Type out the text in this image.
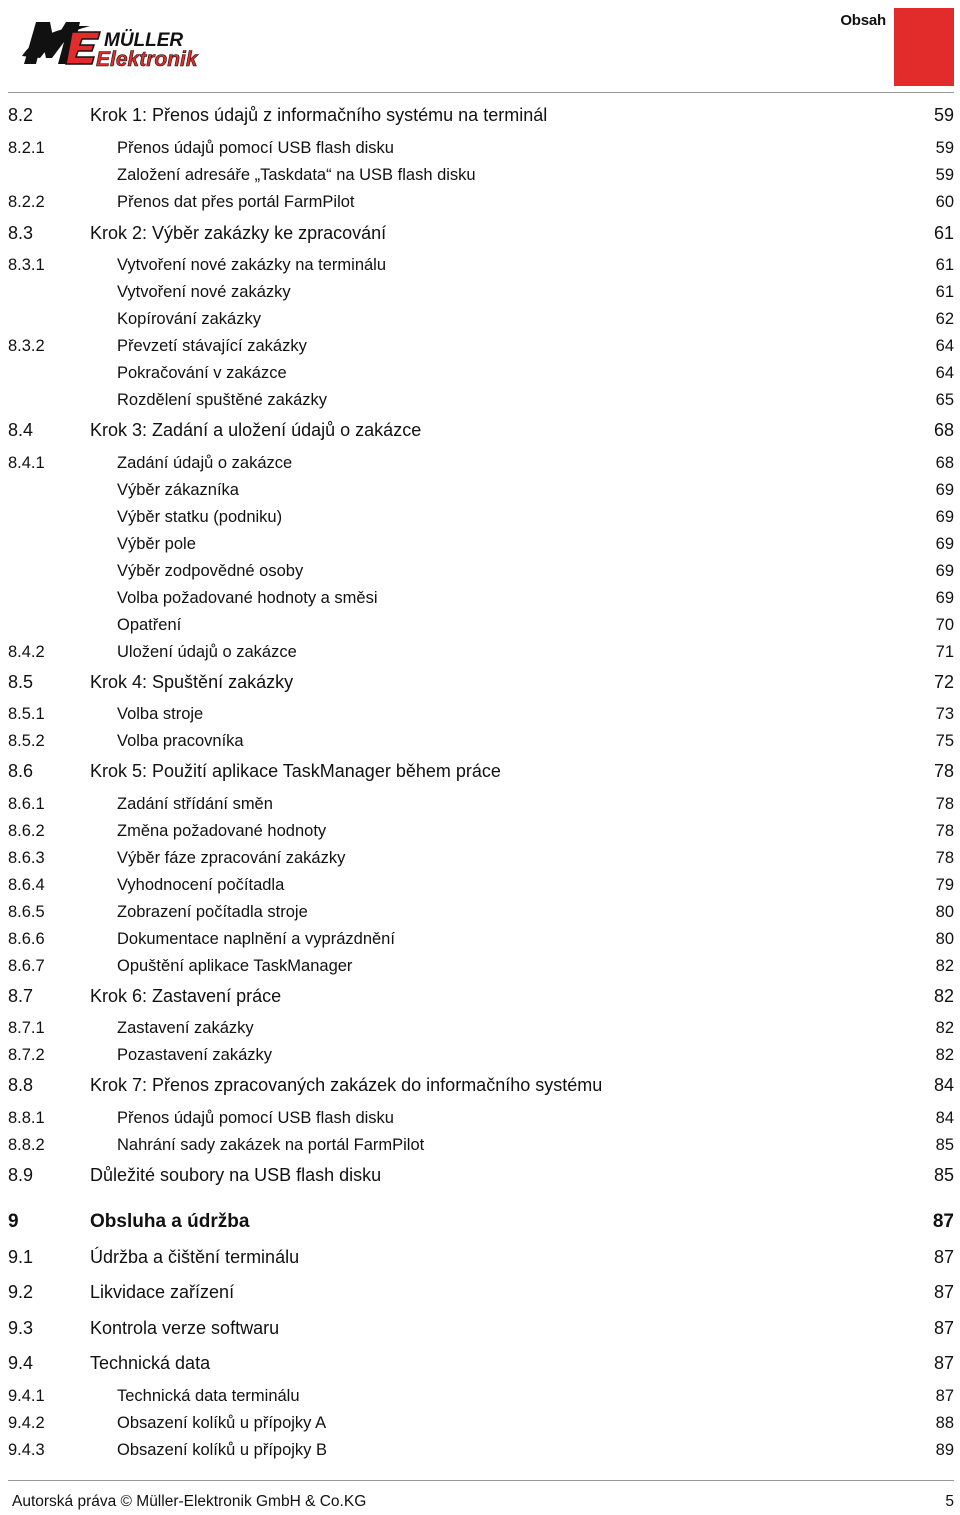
MÜLLER
Elektronik
Obsah
8.2	Krok 1: Přenos údajů z informačního systému na terminál	59
8.2.1	Přenos údajů pomocí USB flash disku	59
Založení adresáře „Taskdata“ na USB flash disku	59
8.2.2	Přenos dat přes portál FarmPilot	60
8.3	Krok 2: Výběr zakázky ke zpracování	61
8.3.1	Vytvoření nové zakázky na terminálu	61
Vytvoření nové zakázky	61
Kopírování zakázky	62
8.3.2	Převzetí stávající zakázky	64
Pokračování v zakázce	64
Rozdělení spuštěné zakázky	65
8.4	Krok 3: Zadání a uložení údajů o zakázce	68
8.4.1	Zadání údajů o zakázce	68
Výběr zákazníka	69
Výběr statku (podniku)	69
Výběr pole	69
Výběr zodpovědné osoby	69
Volba požadované hodnoty a směsi	69
Opatření	70
8.4.2	Uložení údajů o zakázce	71
8.5	Krok 4: Spuštění zakázky	72
8.5.1	Volba stroje	73
8.5.2	Volba pracovníka	75
8.6	Krok 5: Použití aplikace TaskManager během práce	78
8.6.1	Zadání střídání směn	78
8.6.2	Změna požadované hodnoty	78
8.6.3	Výběr fáze zpracování zakázky	78
8.6.4	Vyhodnocení počítadla	79
8.6.5	Zobrazení počítadla stroje	80
8.6.6	Dokumentace naplnění a vyprázdnění	80
8.6.7	Opuštění aplikace TaskManager	82
8.7	Krok 6: Zastavení práce	82
8.7.1	Zastavení zakázky	82
8.7.2	Pozastavení zakázky	82
8.8	Krok 7: Přenos zpracovaných zakázek do informačního systému	84
8.8.1	Přenos údajů pomocí USB flash disku	84
8.8.2	Nahrání sady zakázek na portál FarmPilot	85
8.9	Důležité soubory na USB flash disku	85
9	Obsluha a údržba	87
9.1	Údržba a čištění terminálu	87
9.2	Likvidace zařízení	87
9.3	Kontrola verze softwaru	87
9.4	Technická data	87
9.4.1	Technická data terminálu	87
9.4.2	Obsazení kolíků u přípojky A	88
9.4.3	Obsazení kolíků u přípojky B	89
Autorská práva © Müller-Elektronik GmbH & Co.KG	5
